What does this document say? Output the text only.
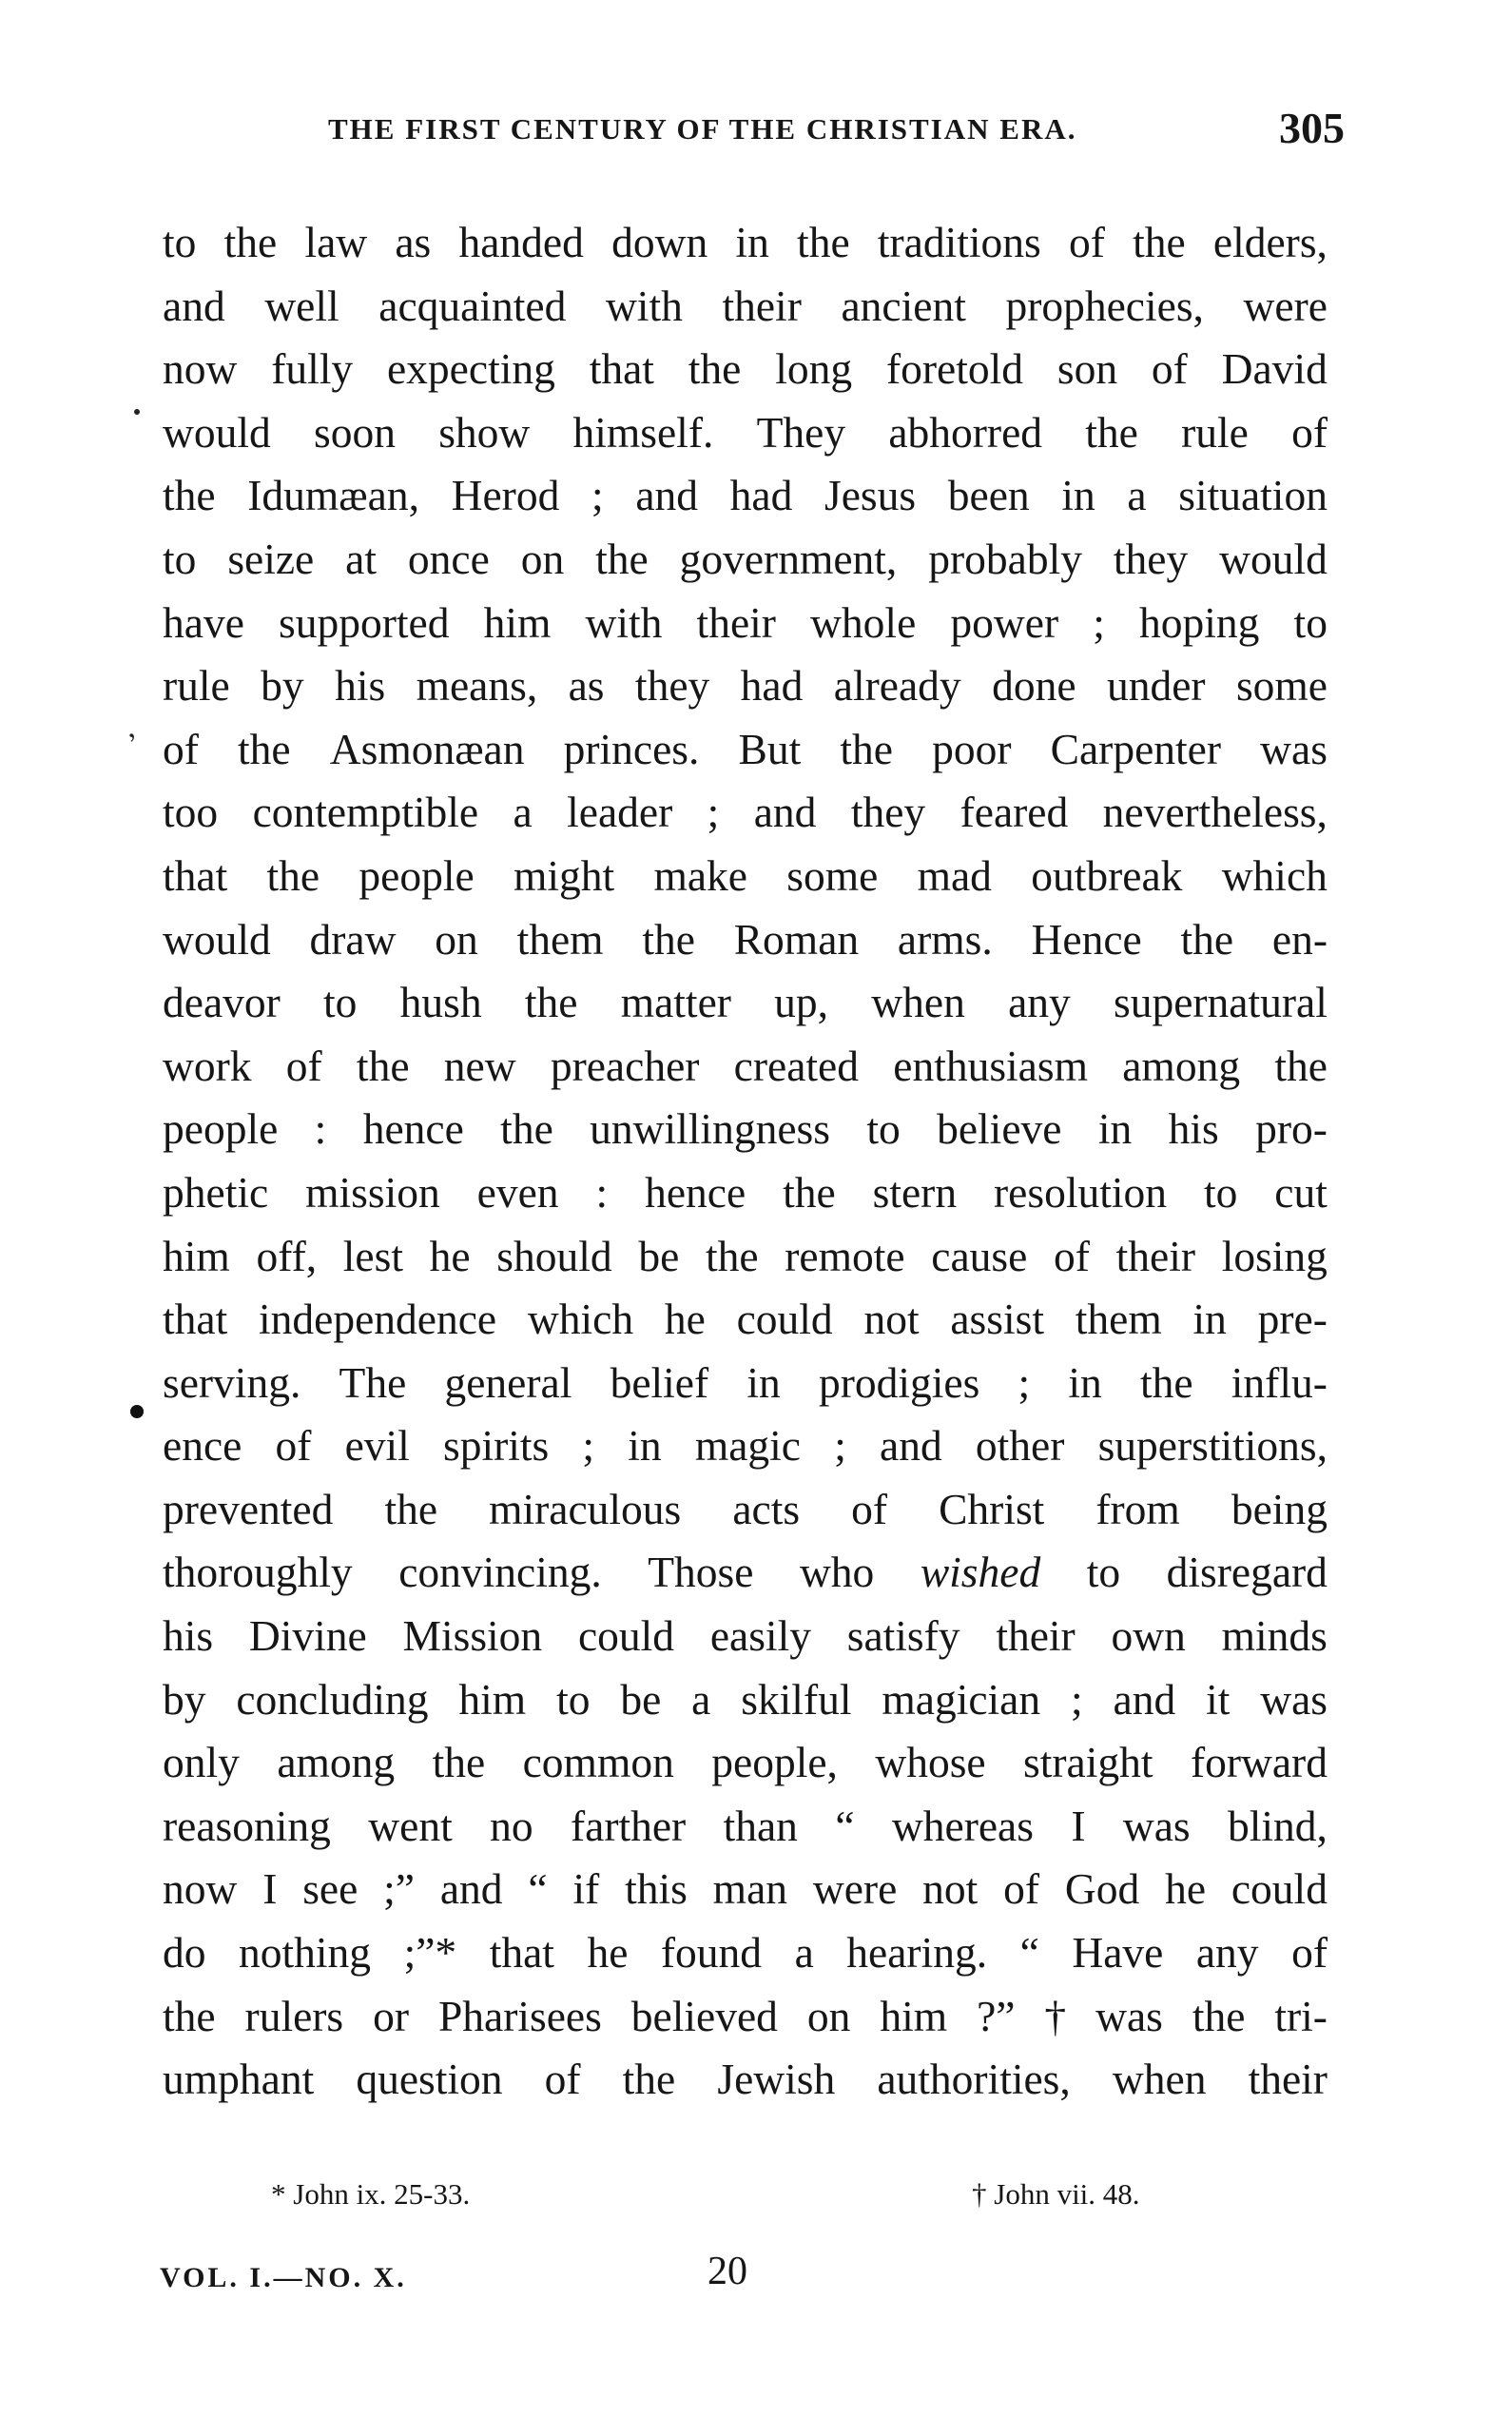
THE FIRST CENTURY OF THE CHRISTIAN ERA.	305
ʼ
to the law as handed down in the traditions of the elders,
and well acquainted with their ancient prophecies, were
now fully expecting that the long foretold son of David
would soon show himself. They abhorred the rule of
the Idumæan, Herod ; and had Jesus been in a situation
to seize at once on the government, probably they would
have supported him with their whole power ; hoping to
rule by his means, as they had already done under some
of the Asmonæan princes. But the poor Carpenter was
too contemptible a leader ; and they feared nevertheless,
that the people might make some mad outbreak which
would draw on them the Roman arms. Hence the en-
deavor to hush the matter up, when any supernatural
work of the new preacher created enthusiasm among the
people : hence the unwillingness to believe in his pro-
phetic mission even : hence the stern resolution to cut
him off, lest he should be the remote cause of their losing
that independence which he could not assist them in pre-
serving. The general belief in prodigies ; in the influ-
ence of evil spirits ; in magic ; and other superstitions,
prevented the miraculous acts of Christ from being
thoroughly convincing. Those who wished to disregard
his Divine Mission could easily satisfy their own minds
by concluding him to be a skilful magician ; and it was
only among the common people, whose straight forward
reasoning went no farther than “ whereas I was blind,
now I see ;” and “ if this man were not of God he could
do nothing ;”* that he found a hearing. “ Have any of
the rulers or Pharisees believed on him ?” † was the tri-
umphant question of the Jewish authorities, when their
* John ix. 25-33.	† John vii. 48.
VOL. I.—NO. X.	20
